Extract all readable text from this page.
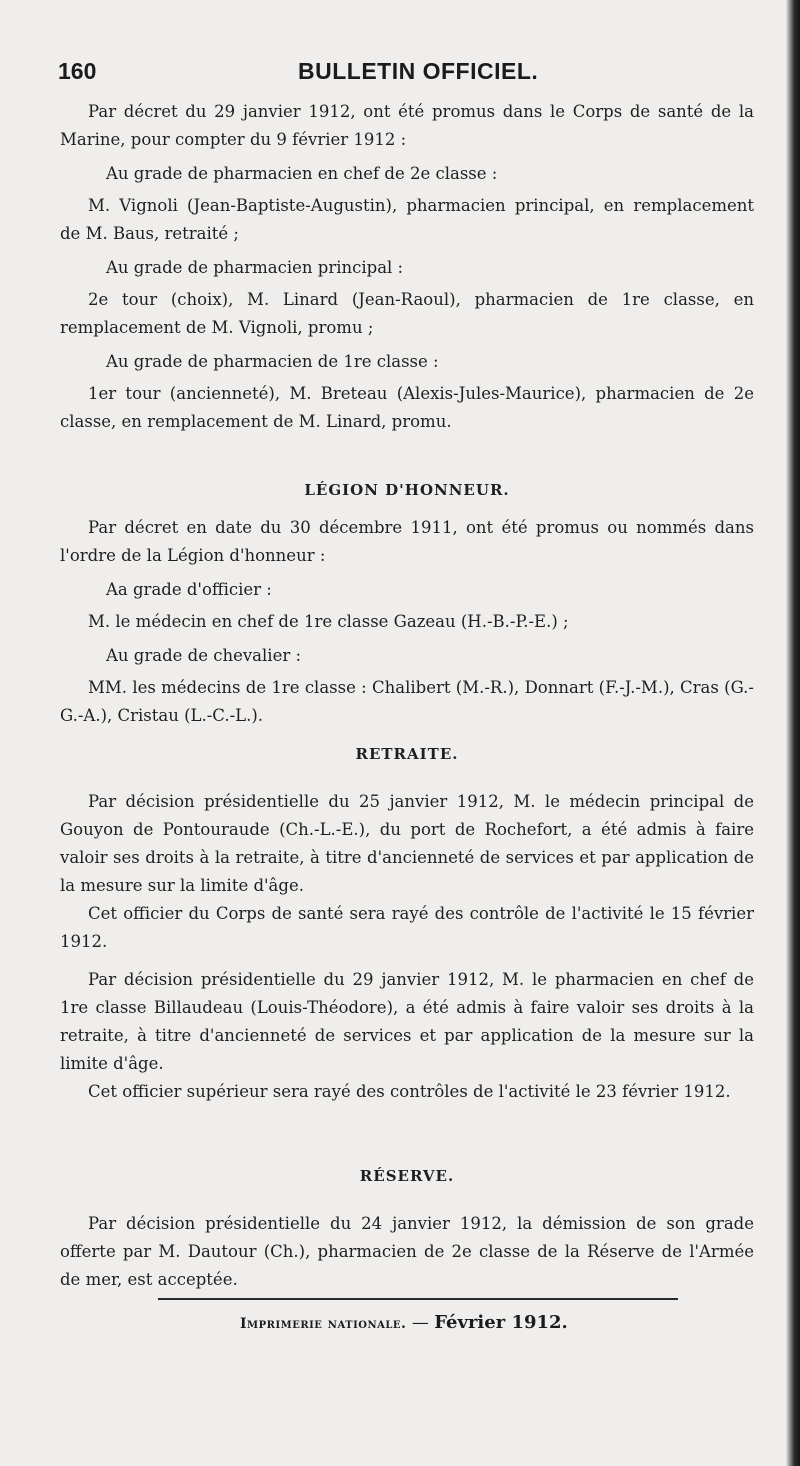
160	BULLETIN OFFICIEL.

Par décret du 29 janvier 1912, ont été promus dans le Corps de santé de la Marine, pour compter du 9 février 1912 :

Au grade de pharmacien en chef de 2e classe :

M. Vignoli (Jean-Baptiste-Augustin), pharmacien principal, en remplacement de M. Baus, retraité ;

Au grade de pharmacien principal :

2e tour (choix), M. Linard (Jean-Raoul), pharmacien de 1re classe, en remplacement de M. Vignoli, promu ;

Au grade de pharmacien de 1re classe :

1er tour (ancienneté), M. Breteau (Alexis-Jules-Maurice), pharmacien de 2e classe, en remplacement de M. Linard, promu.

LÉGION D'HONNEUR.

Par décret en date du 30 décembre 1911, ont été promus ou nommés dans l'ordre de la Légion d'honneur :

Aa grade d'officier :

M. le médecin en chef de 1re classe Gazeau (H.-B.-P.-E.) ;

Au grade de chevalier :

MM. les médecins de 1re classe : Chalibert (M.-R.), Donnart (F.-J.-M.), Cras (G.-G.-A.), Cristau (L.-C.-L.).

RETRAITE.

Par décision présidentielle du 25 janvier 1912, M. le médecin principal de Gouyon de Pontouraude (Ch.-L.-E.), du port de Rochefort, a été admis à faire valoir ses droits à la retraite, à titre d'ancienneté de services et par application de la mesure sur la limite d'âge.

Cet officier du Corps de santé sera rayé des contrôle de l'activité le 15 février 1912.

Par décision présidentielle du 29 janvier 1912, M. le pharmacien en chef de 1re classe Billaudeau (Louis-Théodore), a été admis à faire valoir ses droits à la retraite, à titre d'ancienneté de services et par application de la mesure sur la limite d'âge.

Cet officier supérieur sera rayé des contrôles de l'activité le 23 février 1912.

RÉSERVE.

Par décision présidentielle du 24 janvier 1912, la démission de son grade offerte par M. Dautour (Ch.), pharmacien de 2e classe de la Réserve de l'Armée de mer, est acceptée.

Imprimerie nationale. — Février 1912.
